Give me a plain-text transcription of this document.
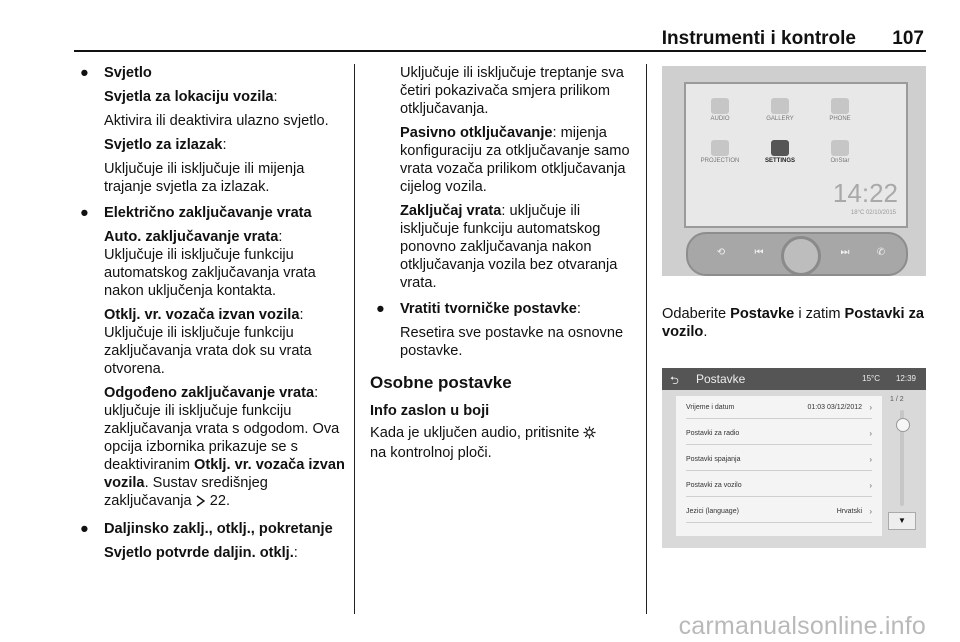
Instrumenti i kontrole 107

● Svjetlo

Svjetla za lokaciju vozila:

Aktivira ili deaktivira ulazno svjetlo.

Svjetlo za izlazak:

Uključuje ili isključuje ili mijenja trajanje svjetla za izlazak.

● Električno zaključavanje vrata

Auto. zaključavanje vrata:
Uključuje ili isključuje funkciju automatskog zaključavanja vrata nakon uključenja kontakta.

Otklj. vr. vozača izvan vozila:
Uključuje ili isključuje funkciju zaključavanja vrata dok su vrata otvorena.

Odgođeno zaključavanje vrata:
uključuje ili isključuje funkciju zaključavanja vrata s odgodom. Ova opcija izbornika prikazuje se s deaktiviranim Otklj. vr. vozača izvan vozila. Sustav središnjeg zaključavanja 22.

● Daljinsko zaklj., otklj., pokretanje

Svjetlo potvrde daljin. otklj.:

Uključuje ili isključuje treptanje sva četiri pokazivača smjera prilikom otključavanja.

Pasivno otključavanje: mijenja konfiguraciju za otključavanje samo vrata vozača prilikom otključavanja cijelog vozila.

Zaključaj vrata: uključuje ili isključuje funkciju automatskog ponovno zaključavanja nakon otključavanja vozila bez otvaranja vrata.

● Vratiti tvorničke postavke:

Resetira sve postavke na osnovne postavke.

Osobne postavke

Info zaslon u boji

Kada je uključen audio, pritisnite
na kontrolnoj ploči.

AUDIO	GALLERY	PHONE
PROJECTION	SETTINGS	OnStar
14:22
18°C 02/10/2015
⟲	⏮	⏭	✆

Odaberite Postavke i zatim Postavki za vozilo.

⮌ Postavke	15°C 12:39
Vrijeme i datum	01:03 03/12/2012 ›
Postavki za radio	›
Postavki spajanja	›
Postavki za vozilo	›
Jezici (language)	Hrvatski ›
1 / 2
▼
carmanualsonline.info
